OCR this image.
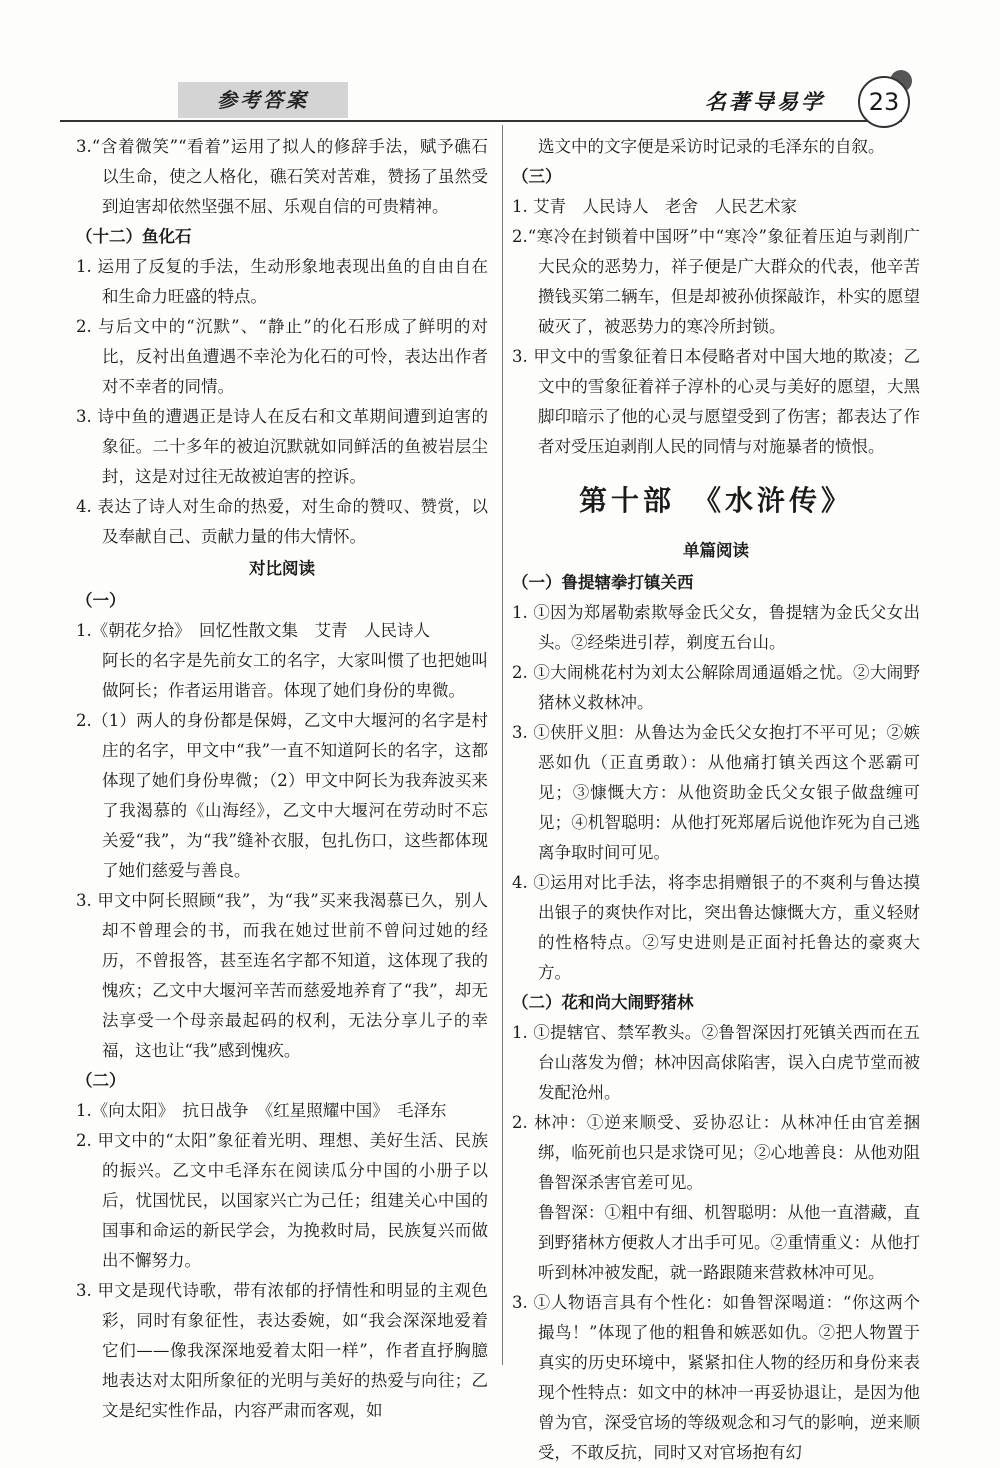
参考答案	名著导易学	23
3.“含着微笑”“看着”运用了拟人的修辞手法，赋予礁石以生命，使之人格化，礁石笑对苦难，赞扬了虽然受到迫害却依然坚强不屈、乐观自信的可贵精神。
（十二）鱼化石
1. 运用了反复的手法，生动形象地表现出鱼的自由自在和生命力旺盛的特点。
2. 与后文中的“沉默”、“静止”的化石形成了鲜明的对比，反衬出鱼遭遇不幸沦为化石的可怜，表达出作者对不幸者的同情。
3. 诗中鱼的遭遇正是诗人在反右和文革期间遭到迫害的象征。二十多年的被迫沉默就如同鲜活的鱼被岩层尘封，这是对过往无故被迫害的控诉。
4. 表达了诗人对生命的热爱，对生命的赞叹、赞赏，以及奉献自己、贡献力量的伟大情怀。
对比阅读
（一）
1.《朝花夕拾》　回忆性散文集　艾青　人民诗人
阿长的名字是先前女工的名字，大家叫惯了也把她叫做阿长；作者运用谐音。体现了她们身份的卑微。
2.（1）两人的身份都是保姆，乙文中大堰河的名字是村庄的名字，甲文中“我”一直不知道阿长的名字，这都体现了她们身份卑微；（2）甲文中阿长为我奔波买来了我渴慕的《山海经》，乙文中大堰河在劳动时不忘关爱“我”，为“我”缝补衣服，包扎伤口，这些都体现了她们慈爱与善良。
3. 甲文中阿长照顾“我”，为“我”买来我渴慕已久，别人却不曾理会的书，而我在她过世前不曾问过她的经历，不曾报答，甚至连名字都不知道，这体现了我的愧疚；乙文中大堰河辛苦而慈爱地养育了“我”，却无法享受一个母亲最起码的权利，无法分享儿子的幸福，这也让“我”感到愧疚。
（二）
1.《向太阳》　抗日战争　《红星照耀中国》　毛泽东
2. 甲文中的“太阳”象征着光明、理想、美好生活、民族的振兴。乙文中毛泽东在阅读瓜分中国的小册子以后，忧国忧民，以国家兴亡为己任；组建关心中国的国事和命运的新民学会，为挽救时局，民族复兴而做出不懈努力。
3. 甲文是现代诗歌，带有浓郁的抒情性和明显的主观色彩，同时有象征性，表达委婉，如“我会深深地爱着它们——像我深深地爱着太阳一样”，作者直抒胸臆地表达对太阳所象征的光明与美好的热爱与向往；乙文是纪实性作品，内容严肃而客观，如
选文中的文字便是采访时记录的毛泽东的自叙。
（三）
1. 艾青　人民诗人　老舍　人民艺术家
2.“寒冷在封锁着中国呀”中“寒冷”象征着压迫与剥削广大民众的恶势力，祥子便是广大群众的代表，他辛苦攒钱买第二辆车，但是却被孙侦探敲诈，朴实的愿望破灭了，被恶势力的寒冷所封锁。
3. 甲文中的雪象征着日本侵略者对中国大地的欺凌；乙文中的雪象征着祥子淳朴的心灵与美好的愿望，大黑脚印暗示了他的心灵与愿望受到了伤害；都表达了作者对受压迫剥削人民的同情与对施暴者的愤恨。
第十部　《水浒传》
单篇阅读
（一）鲁提辖拳打镇关西
1. ①因为郑屠勒索欺辱金氏父女，鲁提辖为金氏父女出头。②经柴进引荐，剃度五台山。
2. ①大闹桃花村为刘太公解除周通逼婚之忧。②大闹野猪林义救林冲。
3. ①侠肝义胆：从鲁达为金氏父女抱打不平可见；②嫉恶如仇（正直勇敢）：从他痛打镇关西这个恶霸可见；③慷慨大方：从他资助金氏父女银子做盘缠可见；④机智聪明：从他打死郑屠后说他诈死为自己逃离争取时间可见。
4. ①运用对比手法，将李忠捐赠银子的不爽利与鲁达摸出银子的爽快作对比，突出鲁达慷慨大方，重义轻财的性格特点。②写史进则是正面衬托鲁达的豪爽大方。
（二）花和尚大闹野猪林
1. ①提辖官、禁军教头。②鲁智深因打死镇关西而在五台山落发为僧；林冲因高俅陷害，误入白虎节堂而被发配沧州。
2. 林冲：①逆来顺受、妥协忍让：从林冲任由官差捆绑，临死前也只是求饶可见；②心地善良：从他劝阻鲁智深杀害官差可见。
鲁智深：①粗中有细、机智聪明：从他一直潜藏，直到野猪林方便救人才出手可见。②重情重义：从他打听到林冲被发配，就一路跟随来营救林冲可见。
3. ①人物语言具有个性化：如鲁智深喝道：“你这两个撮鸟！”体现了他的粗鲁和嫉恶如仇。②把人物置于真实的历史环境中，紧紧扣住人物的经历和身份来表现个性特点：如文中的林冲一再妥协退让，是因为他曾为官，深受官场的等级观念和习气的影响，逆来顺受，不敢反抗，同时又对官场抱有幻
